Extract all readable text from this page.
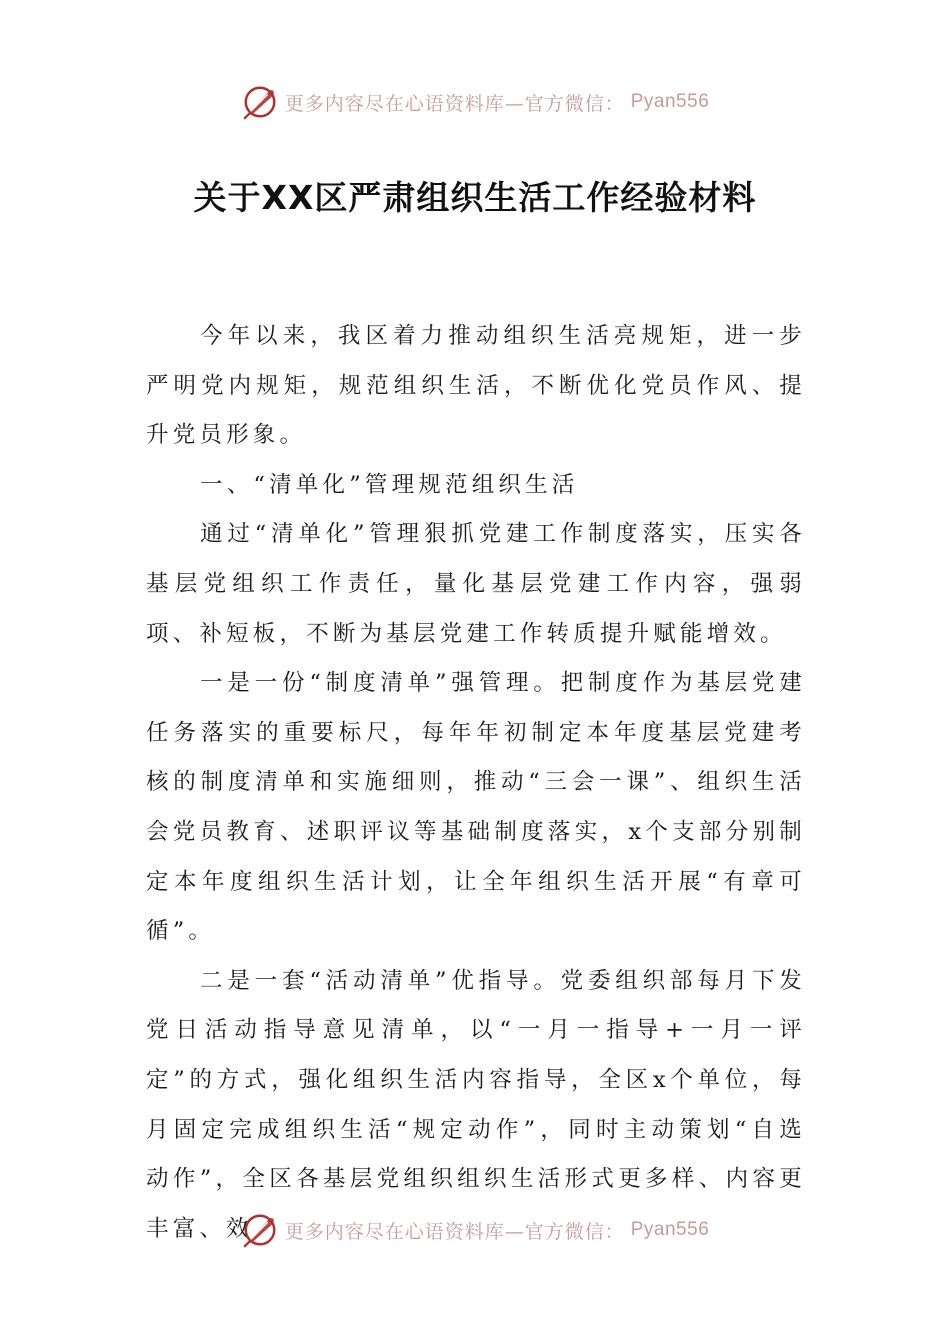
更多内容尽在心语资料库—官方微信： Pyan556
关于XX区严肃组织生活工作经验材料

今年以来，我区着力推动组织生活亮规矩，进一步严明党内规矩，规范组织生活，不断优化党员作风、提升党员形象。

一、“清单化”管理规范组织生活

通过“清单化”管理狠抓党建工作制度落实，压实各基层党组织工作责任，量化基层党建工作内容，强弱项、补短板，不断为基层党建工作转质提升赋能增效。

一是一份“制度清单”强管理。把制度作为基层党建任务落实的重要标尺，每年年初制定本年度基层党建考核的制度清单和实施细则，推动“三会一课”、组织生活会党员教育、述职评议等基础制度落实，x个支部分别制定本年度组织生活计划，让全年组织生活开展“有章可循”。

二是一套“活动清单”优指导。党委组织部每月下发党日活动指导意见清单，以“一月一指导+一月一评定”的方式，强化组织生活内容指导，全区x个单位，每月固定完成组织生活“规定动作”，同时主动策划“自选动作”，全区各基层党组织组织生活形式更多样、内容更丰富、效	更多内容尽在心语资料库—官方微信： Pyan556
